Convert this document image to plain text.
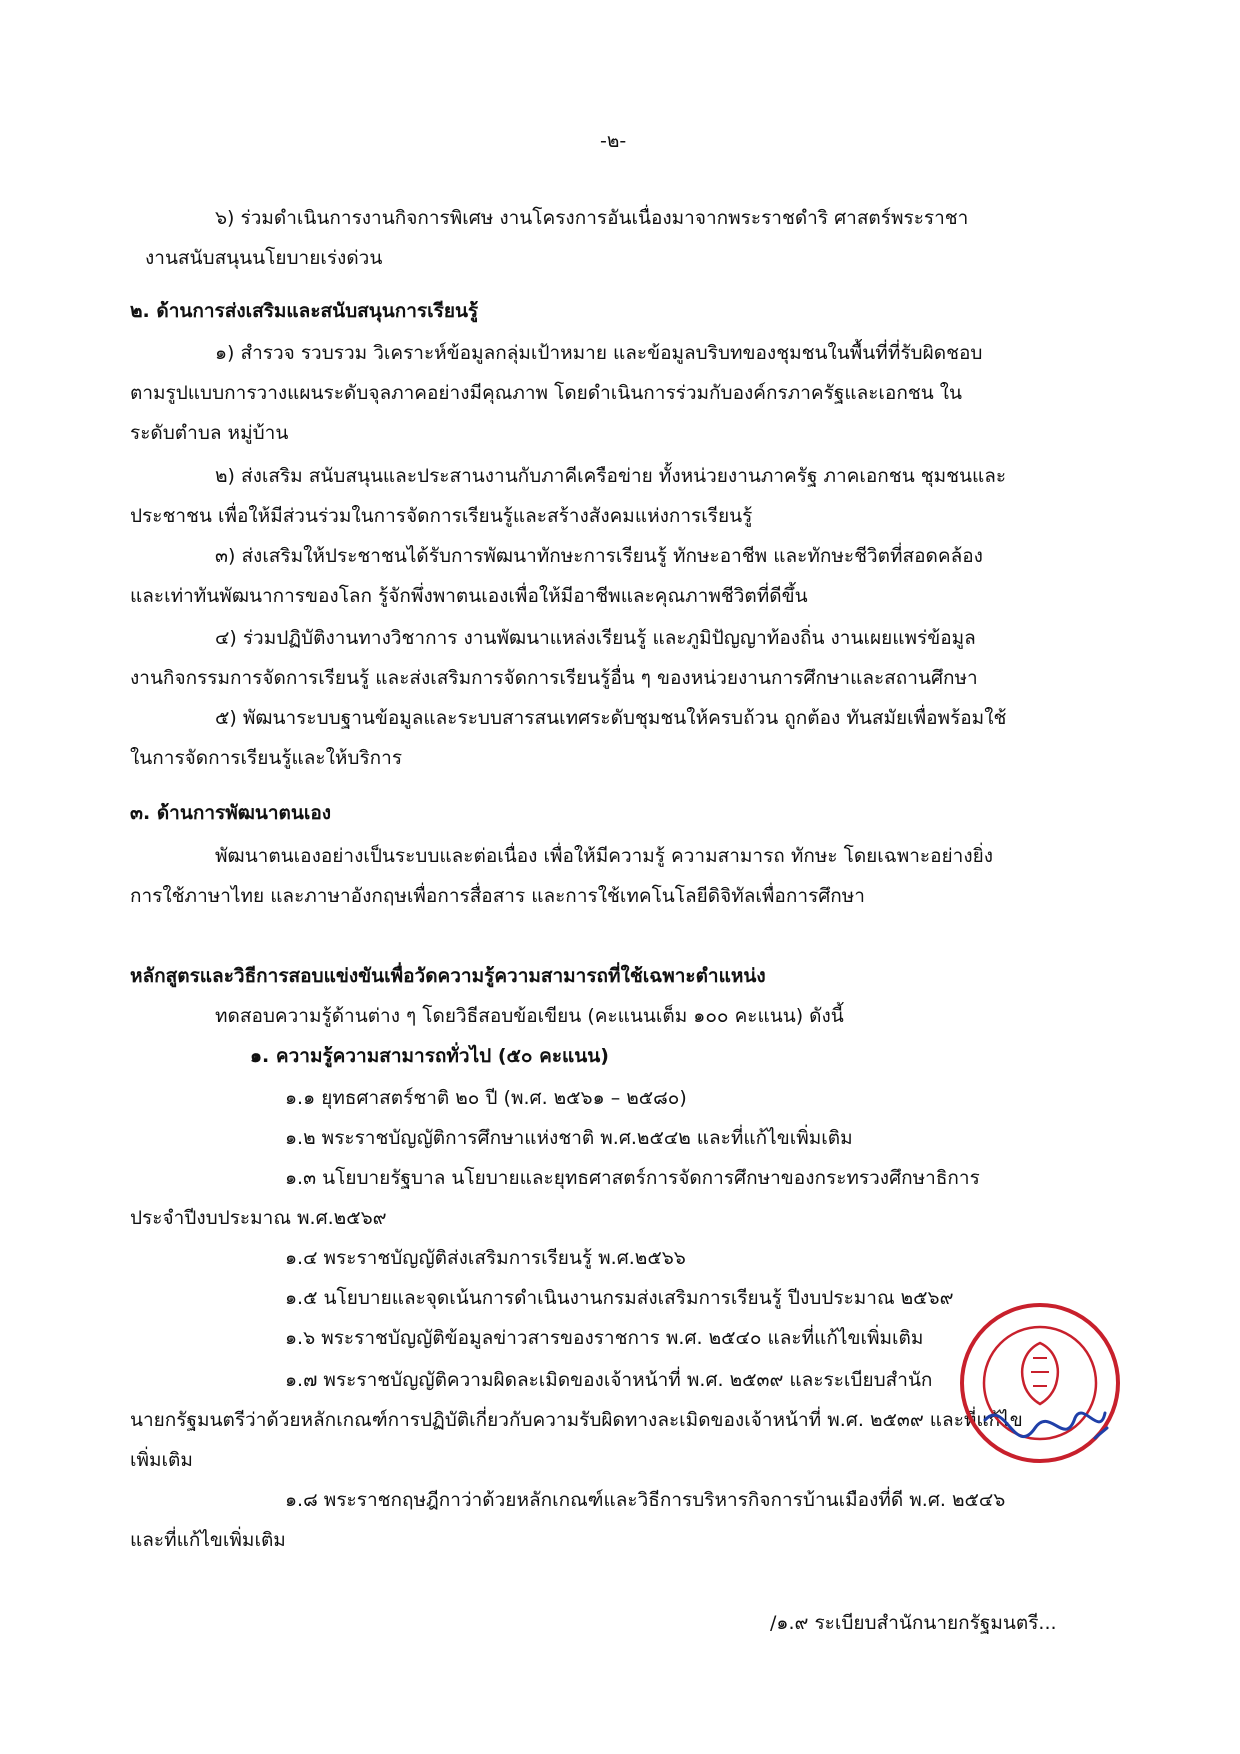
-๒-
๖) ร่วมดำเนินการงานกิจการพิเศษ งานโครงการอันเนื่องมาจากพระราชดำริ ศาสตร์พระราชา
งานสนับสนุนนโยบายเร่งด่วน
๒. ด้านการส่งเสริมและสนับสนุนการเรียนรู้
๑) สำรวจ รวบรวม วิเคราะห์ข้อมูลกลุ่มเป้าหมาย และข้อมูลบริบทของชุมชนในพื้นที่ที่รับผิดชอบ
ตามรูปแบบการวางแผนระดับจุลภาคอย่างมีคุณภาพ โดยดำเนินการร่วมกับองค์กรภาครัฐและเอกชน ใน
ระดับตำบล หมู่บ้าน
๒) ส่งเสริม สนับสนุนและประสานงานกับภาคีเครือข่าย ทั้งหน่วยงานภาครัฐ ภาคเอกชน ชุมชนและ
ประชาชน เพื่อให้มีส่วนร่วมในการจัดการเรียนรู้และสร้างสังคมแห่งการเรียนรู้
๓) ส่งเสริมให้ประชาชนได้รับการพัฒนาทักษะการเรียนรู้ ทักษะอาชีพ และทักษะชีวิตที่สอดคล้อง
และเท่าทันพัฒนาการของโลก รู้จักพึ่งพาตนเองเพื่อให้มีอาชีพและคุณภาพชีวิตที่ดีขึ้น
๔) ร่วมปฏิบัติงานทางวิชาการ งานพัฒนาแหล่งเรียนรู้ และภูมิปัญญาท้องถิ่น งานเผยแพร่ข้อมูล
งานกิจกรรมการจัดการเรียนรู้ และส่งเสริมการจัดการเรียนรู้อื่น ๆ ของหน่วยงานการศึกษาและสถานศึกษา
๕) พัฒนาระบบฐานข้อมูลและระบบสารสนเทศระดับชุมชนให้ครบถ้วน ถูกต้อง ทันสมัยเพื่อพร้อมใช้
ในการจัดการเรียนรู้และให้บริการ
๓. ด้านการพัฒนาตนเอง
พัฒนาตนเองอย่างเป็นระบบและต่อเนื่อง เพื่อให้มีความรู้ ความสามารถ ทักษะ โดยเฉพาะอย่างยิ่ง
การใช้ภาษาไทย และภาษาอังกฤษเพื่อการสื่อสาร และการใช้เทคโนโลยีดิจิทัลเพื่อการศึกษา
หลักสูตรและวิธีการสอบแข่งขันเพื่อวัดความรู้ความสามารถที่ใช้เฉพาะตำแหน่ง
ทดสอบความรู้ด้านต่าง ๆ โดยวิธีสอบข้อเขียน (คะแนนเต็ม ๑๐๐ คะแนน) ดังนี้
๑. ความรู้ความสามารถทั่วไป (๕๐ คะแนน)
๑.๑ ยุทธศาสตร์ชาติ ๒๐ ปี (พ.ศ. ๒๕๖๑ – ๒๕๘๐)
๑.๒ พระราชบัญญัติการศึกษาแห่งชาติ พ.ศ.๒๕๔๒ และที่แก้ไขเพิ่มเติม
๑.๓ นโยบายรัฐบาล นโยบายและยุทธศาสตร์การจัดการศึกษาของกระทรวงศึกษาธิการ
ประจำปีงบประมาณ พ.ศ.๒๕๖๙
๑.๔ พระราชบัญญัติส่งเสริมการเรียนรู้ พ.ศ.๒๕๖๖
๑.๕ นโยบายและจุดเน้นการดำเนินงานกรมส่งเสริมการเรียนรู้ ปีงบประมาณ ๒๕๖๙
๑.๖ พระราชบัญญัติข้อมูลข่าวสารของราชการ พ.ศ. ๒๕๔๐ และที่แก้ไขเพิ่มเติม
๑.๗ พระราชบัญญัติความผิดละเมิดของเจ้าหน้าที่ พ.ศ. ๒๕๓๙ และระเบียบสำนัก
นายกรัฐมนตรีว่าด้วยหลักเกณฑ์การปฏิบัติเกี่ยวกับความรับผิดทางละเมิดของเจ้าหน้าที่ พ.ศ. ๒๕๓๙ และที่แก้ไข
เพิ่มเติม
๑.๘ พระราชกฤษฎีกาว่าด้วยหลักเกณฑ์และวิธีการบริหารกิจการบ้านเมืองที่ดี พ.ศ. ๒๕๔๖
และที่แก้ไขเพิ่มเติม
/๑.๙ ระเบียบสำนักนายกรัฐมนตรี...
